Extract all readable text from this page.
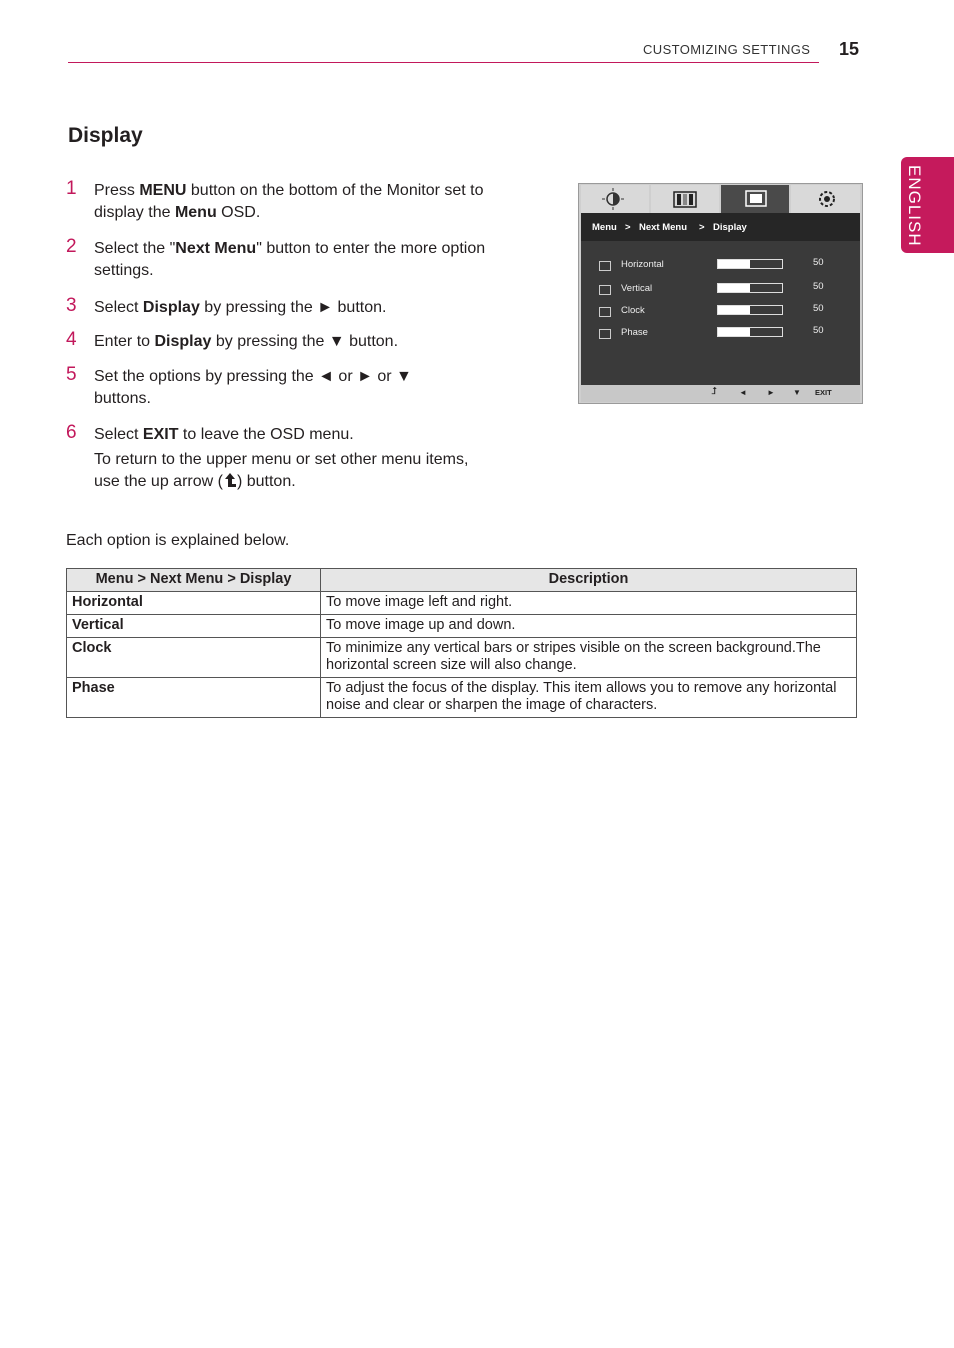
CUSTOMIZING SETTINGS 15
ENGLISH
Display
1 Press MENU button on the bottom of the Monitor set to display the Menu OSD.
2 Select the "Next Menu" button to enter the more option settings.
3 Select Display by pressing the ► button.
4 Enter to Display by pressing the ▼ button.
5 Set the options by pressing the ◄ or ► or ▼ buttons.
6 Select EXIT to leave the OSD menu.
To return to the upper menu or set other menu items, use the up arrow ( ) button.
Menu > Next Menu > Display
Horizontal	50
Vertical	50
Clock	50
Phase	50
⮥	◄	► ▼ EXIT
Each option is explained below.
Menu > Next Menu > Display	Description
Horizontal	To move image left and right.
Vertical	To move image up and down.
Clock	To minimize any vertical bars or stripes visible on the screen background.The horizontal screen size will also change.
Phase	To adjust the focus of the display. This item allows you to remove any horizontal noise and clear or sharpen the image of characters.
